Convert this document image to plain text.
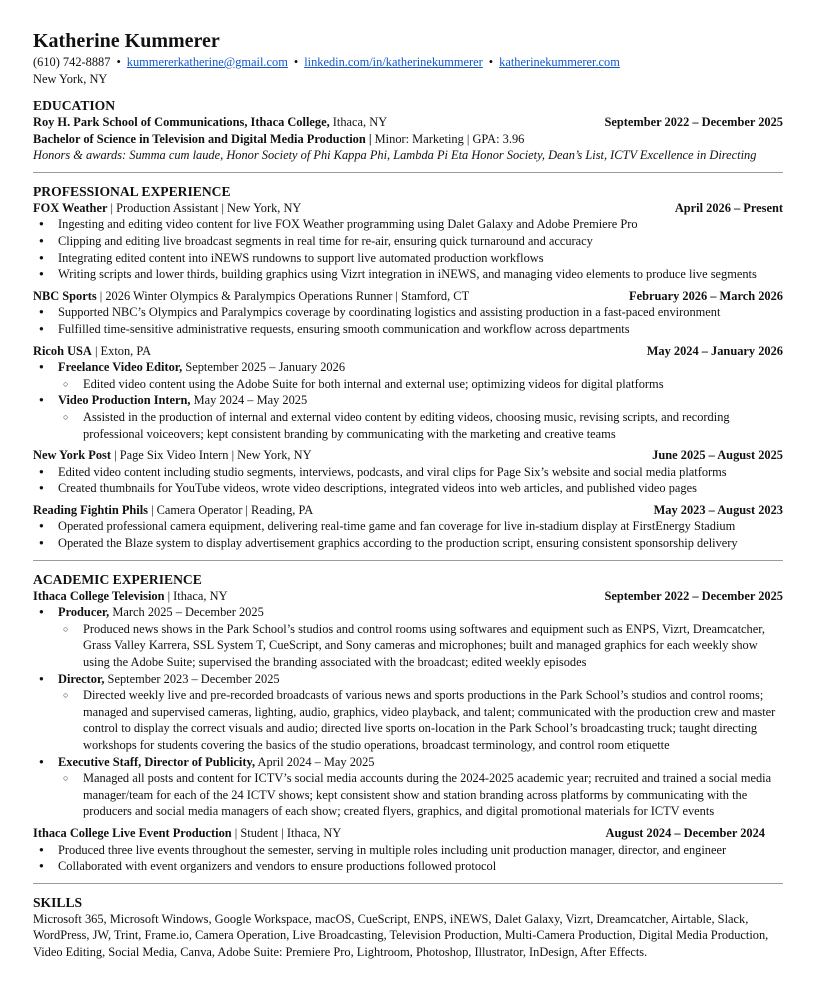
Katherine Kummerer
(610) 742-8887 • kummererkatherine@gmail.com • linkedin.com/in/katherinekummerer • katherinekummerer.com
New York, NY
EDUCATION
Roy H. Park School of Communications, Ithaca College, Ithaca, NY	September 2022 – December 2025
Bachelor of Science in Television and Digital Media Production | Minor: Marketing | GPA: 3.96
Honors & awards: Summa cum laude, Honor Society of Phi Kappa Phi, Lambda Pi Eta Honor Society, Dean’s List, ICTV Excellence in Directing
PROFESSIONAL EXPERIENCE
FOX Weather | Production Assistant | New York, NY	April 2026 – Present
● Ingesting and editing video content for live FOX Weather programming using Dalet Galaxy and Adobe Premiere Pro
● Clipping and editing live broadcast segments in real time for re-air, ensuring quick turnaround and accuracy
● Integrating edited content into iNEWS rundowns to support live automated production workflows
● Writing scripts and lower thirds, building graphics using Vizrt integration in iNEWS, and managing video elements to produce live segments
NBC Sports | 2026 Winter Olympics & Paralympics Operations Runner | Stamford, CT	February 2026 – March 2026
● Supported NBC’s Olympics and Paralympics coverage by coordinating logistics and assisting production in a fast-paced environment
● Fulfilled time-sensitive administrative requests, ensuring smooth communication and workflow across departments
Ricoh USA | Exton, PA	May 2024 – January 2026
● Freelance Video Editor, September 2025 – January 2026
○ Edited video content using the Adobe Suite for both internal and external use; optimizing videos for digital platforms
● Video Production Intern, May 2024 – May 2025
○ Assisted in the production of internal and external video content by editing videos, choosing music, revising scripts, and recording professional voiceovers; kept consistent branding by communicating with the marketing and creative teams
New York Post | Page Six Video Intern | New York, NY	June 2025 – August 2025
● Edited video content including studio segments, interviews, podcasts, and viral clips for Page Six’s website and social media platforms
● Created thumbnails for YouTube videos, wrote video descriptions, integrated videos into web articles, and published video pages
Reading Fightin Phils | Camera Operator | Reading, PA	May 2023 – August 2023
● Operated professional camera equipment, delivering real-time game and fan coverage for live in-stadium display at FirstEnergy Stadium
● Operated the Blaze system to display advertisement graphics according to the production script, ensuring consistent sponsorship delivery
ACADEMIC EXPERIENCE
Ithaca College Television | Ithaca, NY	September 2022 – December 2025
● Producer, March 2025 – December 2025
○ Produced news shows in the Park School’s studios and control rooms using softwares and equipment such as ENPS, Vizrt, Dreamcatcher, Grass Valley Karrera, SSL System T, CueScript, and Sony cameras and microphones; built and managed graphics for each weekly show using the Adobe Suite; supervised the branding associated with the broadcast; edited weekly episodes
● Director, September 2023 – December 2025
○ Directed weekly live and pre-recorded broadcasts of various news and sports productions in the Park School’s studios and control rooms; managed and supervised cameras, lighting, audio, graphics, video playback, and talent; communicated with the production crew and master control to display the correct visuals and audio; directed live sports on-location in the Park School’s broadcasting truck; taught directing workshops for students covering the basics of the studio operations, broadcast terminology, and control room etiquette
● Executive Staff, Director of Publicity, April 2024 – May 2025
○ Managed all posts and content for ICTV’s social media accounts during the 2024-2025 academic year; recruited and trained a social media manager/team for each of the 24 ICTV shows; kept consistent show and station branding across platforms by communicating with the producers and social media managers of each show; created flyers, graphics, and digital promotional materials for ICTV events
Ithaca College Live Event Production | Student | Ithaca, NY	August 2024 – December 2024
● Produced three live events throughout the semester, serving in multiple roles including unit production manager, director, and engineer
● Collaborated with event organizers and vendors to ensure productions followed protocol
SKILLS
Microsoft 365, Microsoft Windows, Google Workspace, macOS, CueScript, ENPS, iNEWS, Dalet Galaxy, Vizrt, Dreamcatcher, Airtable, Slack, WordPress, JW, Trint, Frame.io, Camera Operation, Live Broadcasting, Television Production, Multi-Camera Production, Digital Media Production, Video Editing, Social Media, Canva, Adobe Suite: Premiere Pro, Lightroom, Photoshop, Illustrator, InDesign, After Effects.
